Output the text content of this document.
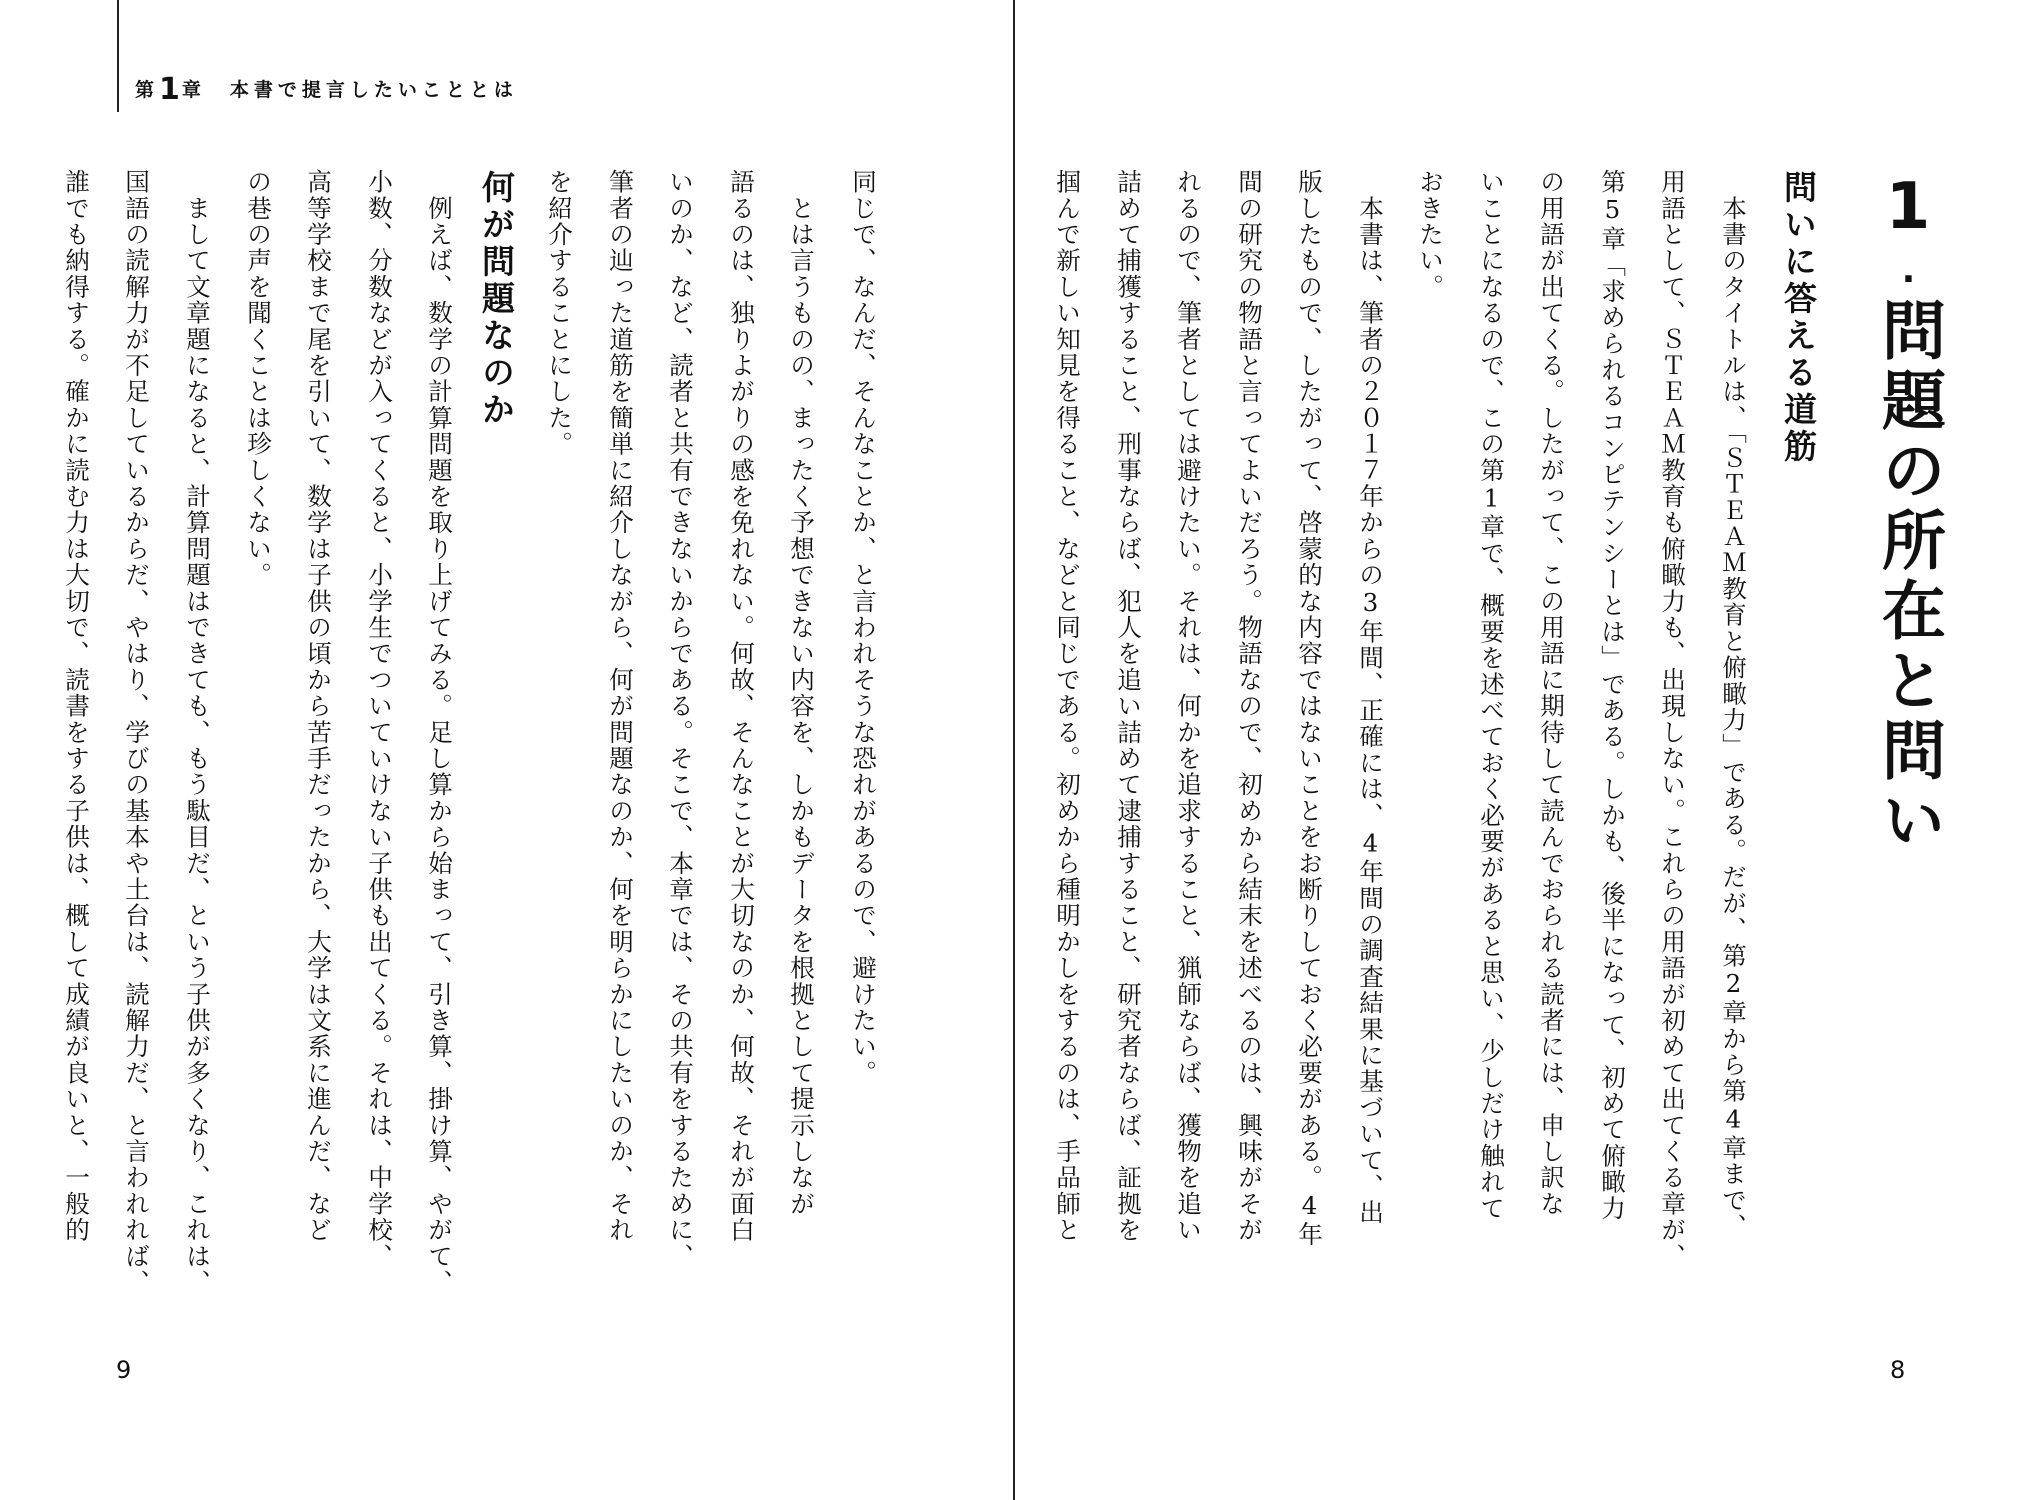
第1章　本書で提言したいこととは
同じで、なんだ、そんなことか、と言われそうな恐れがあるので、避けたい。
　とは言うものの、まったく予想できない内容を、しかもデータを根拠として提示しなが
語るのは、独りよがりの感を免れない。何故、そんなことが大切なのか、何故、それが面白
いのか、など、読者と共有できないからである。そこで、本章では、その共有をするために、
筆者の辿った道筋を簡単に紹介しながら、何が問題なのか、何を明らかにしたいのか、それ
を紹介することにした。
何が問題なのか
　例えば、数学の計算問題を取り上げてみる。足し算から始まって、引き算、掛け算、やがて、
小数、分数などが入ってくると、小学生でついていけない子供も出てくる。それは、中学校、
高等学校まで尾を引いて、数学は子供の頃から苦手だったから、大学は文系に進んだ、など
の巷の声を聞くことは珍しくない。
　まして文章題になると、計算問題はできても、もう駄目だ、という子供が多くなり、これは、
国語の読解力が不足しているからだ、やはり、学びの基本や土台は、読解力だ、と言われれば、
誰でも納得する。確かに読む力は大切で、読書をする子供は、概して成績が良いと、一般的
9
1.問題の所在と問い
問いに答える道筋
　本書のタイトルは、「ＳＴＥＡＭ教育と俯瞰力」である。だが、第2章から第4章まで、
用語として、ＳＴＥＡＭ教育も俯瞰力も、出現しない。これらの用語が初めて出てくる章が、
第5章「求められるコンピテンシーとは」である。しかも、後半になって、初めて俯瞰力
の用語が出てくる。したがって、この用語に期待して読んでおられる読者には、申し訳な
いことになるので、この第1章で、概要を述べておく必要があると思い、少しだけ触れて
おきたい。
　本書は、筆者の２０１７年からの3年間、正確には、4年間の調査結果に基づいて、出
版したもので、したがって、啓蒙的な内容ではないことをお断りしておく必要がある。4年
間の研究の物語と言ってよいだろう。物語なので、初めから結末を述べるのは、興味がそが
れるので、筆者としては避けたい。それは、何かを追求すること、猟師ならば、獲物を追い
詰めて捕獲すること、刑事ならば、犯人を追い詰めて逮捕すること、研究者ならば、証拠を
掴んで新しい知見を得ること、などと同じである。初めから種明かしをするのは、手品師と
8
